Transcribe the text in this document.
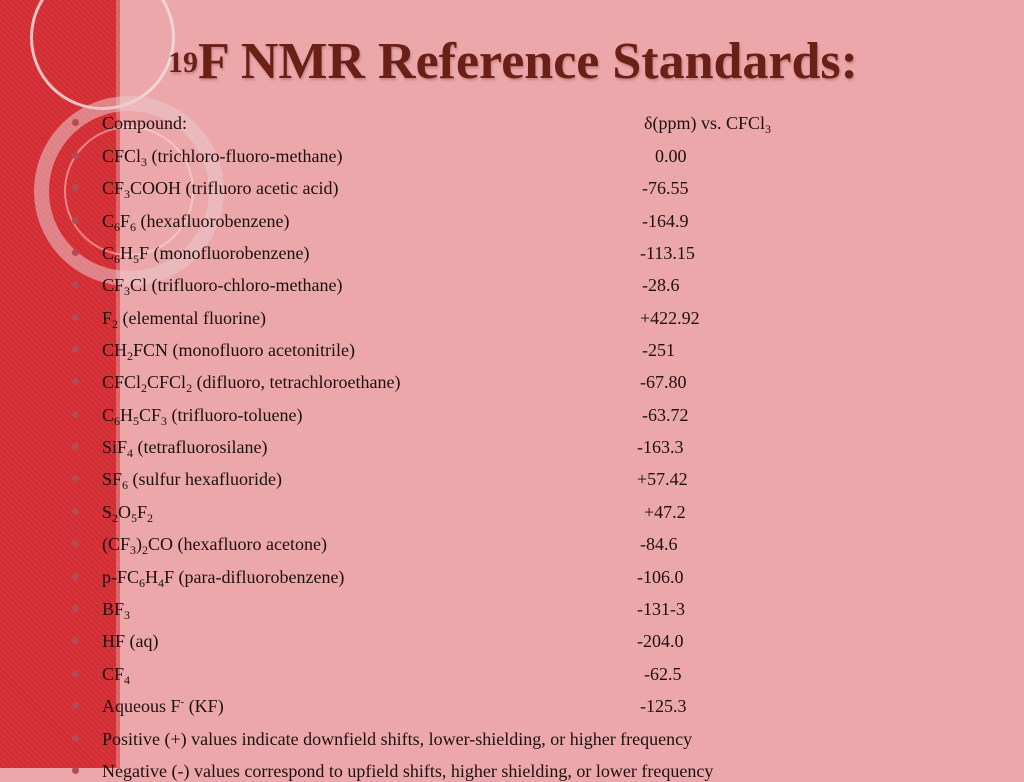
$^{19}$F NMR Reference Standards:
Compound:	δ(ppm) vs. CFCl$_3$
CFCl$_3$ (trichloro-fluoro-methane)	0.00
$CF_3COOH$ (trifluoro acetic acid)	-76.55
$C_6F_6$ (hexafluorobenzene)	-164.9
$C_6H_5F$ (monofluorobenzene)	-113.15
$CF_3Cl$ (trifluoro-chloro-methane)	-28.6
$F_2$ (elemental fluorine)	+422.92
$CH_2FCN$ (monofluoro acetonitrile)	-251
CFCl$_2$CFCl$_2$ (difluoro, tetrachloroethane)	-67.80
$C_6H_5CF_3$ (trifluoro-toluene)	-63.72
SiF$_4$ (tetrafluorosilane)	-163.3
$SF_6$ (sulfur hexafluoride)	+57.42
$S_2O_5F_2$	+47.2
$(CF_3)_2CO$ (hexafluoro acetone)	-84.6
$p-FC_6H_4F$ (para-difluorobenzene)	-106.0
$BF_3$	-131-3
HF (aq)	-204.0
$CF_4$	-62.5
Aqueous F- (KF)	-125.3
Positive (+) values indicate downfield shifts, lower-shielding, or higher frequency
Negative (-) values correspond to upfield shifts, higher shielding, or lower frequency
